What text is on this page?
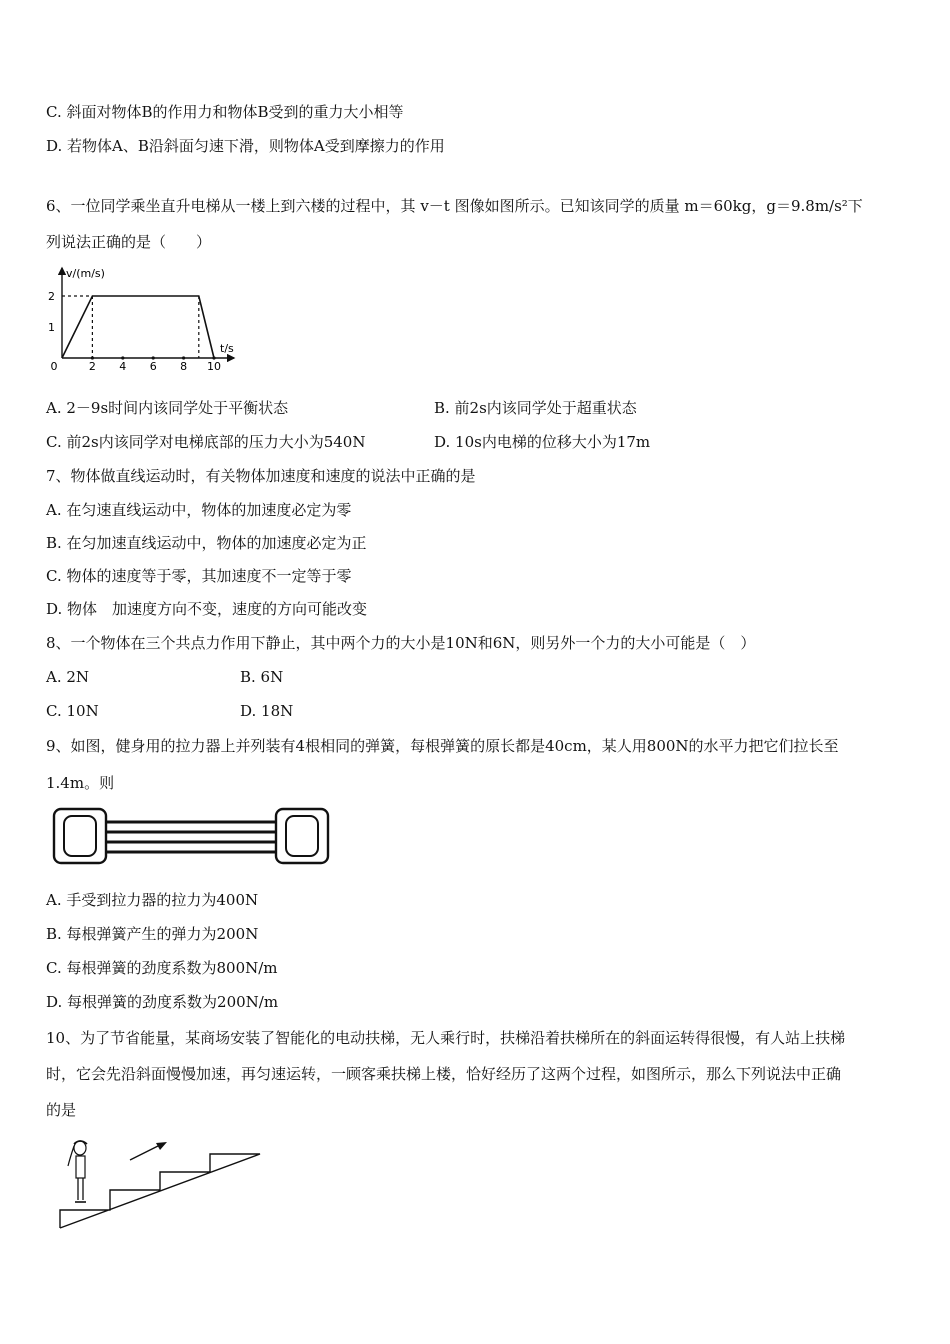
C. 斜面对物体B的作用力和物体B受到的重力大小相等
D. 若物体A、B沿斜面匀速下滑，则物体A受到摩擦力的作用
6、一位同学乘坐直升电梯从一楼上到六楼的过程中，其 v－t 图像如图所示。已知该同学的质量 m＝60kg，g＝9.8m/s²下
列说法正确的是（　　）
v/(m/s)
t/s
0	2 4 6 8 10
1
2
A. 2－9s时间内该同学处于平衡状态	B. 前2s内该同学处于超重状态
C. 前2s内该同学对电梯底部的压力大小为540N	D. 10s内电梯的位移大小为17m
7、物体做直线运动时，有关物体加速度和速度的说法中正确的是
A. 在匀速直线运动中，物体的加速度必定为零
B. 在匀加速直线运动中，物体的加速度必定为正
C. 物体的速度等于零，其加速度不一定等于零
D. 物体　加速度方向不变，速度的方向可能改变
8、一个物体在三个共点力作用下静止，其中两个力的大小是10N和6N，则另外一个力的大小可能是（　）
A. 2N	B. 6N
C. 10N	D. 18N
9、如图，健身用的拉力器上并列装有4根相同的弹簧，每根弹簧的原长都是40cm，某人用800N的水平力把它们拉长至
1.4m。则
A. 手受到拉力器的拉力为400N
B. 每根弹簧产生的弹力为200N
C. 每根弹簧的劲度系数为800N/m
D. 每根弹簧的劲度系数为200N/m
10、为了节省能量，某商场安装了智能化的电动扶梯，无人乘行时，扶梯沿着扶梯所在的斜面运转得很慢，有人站上扶梯
时，它会先沿斜面慢慢加速，再匀速运转，一顾客乘扶梯上楼，恰好经历了这两个过程，如图所示，那么下列说法中正确
的是
